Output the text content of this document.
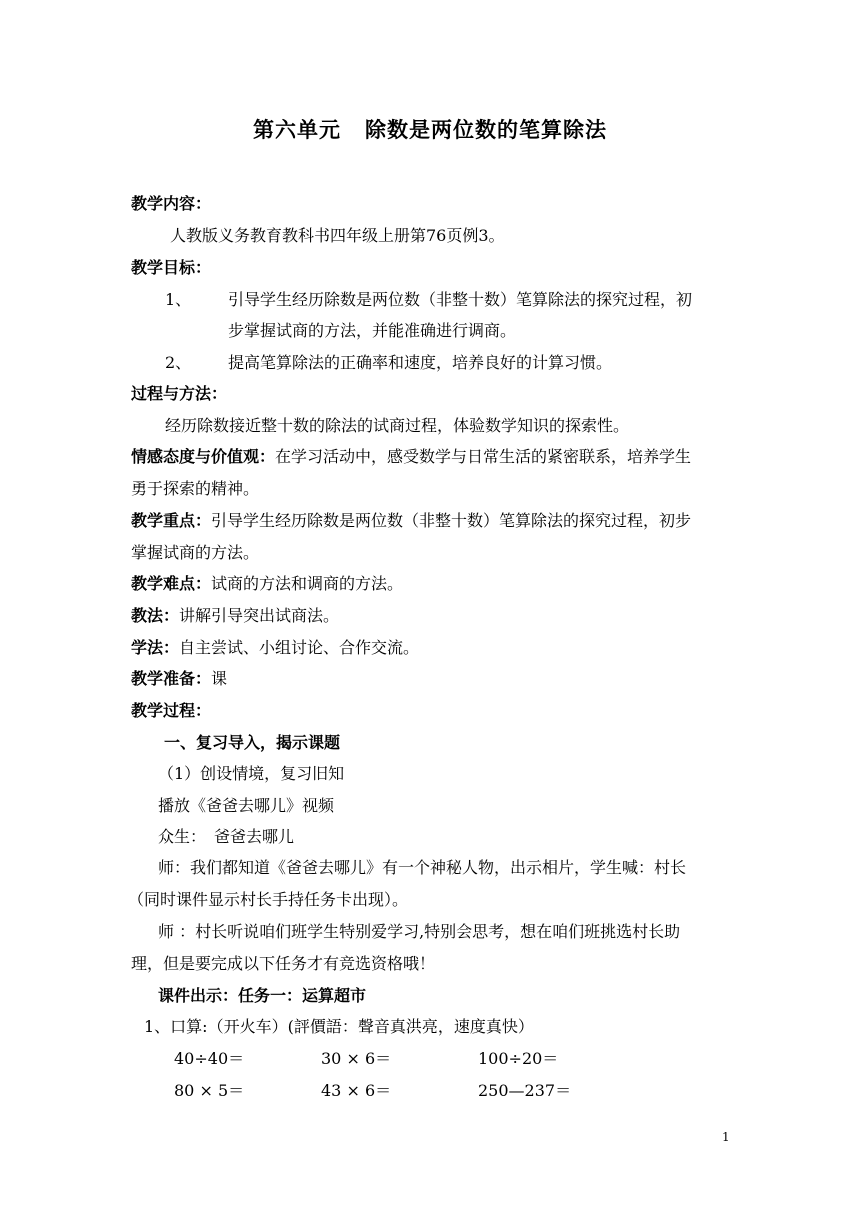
第六单元 除数是两位数的笔算除法
教学内容：
人教版义务教育教科书四年级上册第76页例3。
教学目标：
1、 引导学生经历除数是两位数（非整十数）笔算除法的探究过程，初
步掌握试商的方法，并能准确进行调商。
2、 提高笔算除法的正确率和速度，培养良好的计算习惯。
过程与方法：
经历除数接近整十数的除法的试商过程，体验数学知识的探索性。
情感态度与价值观：在学习活动中，感受数学与日常生活的紧密联系，培养学生
勇于探索的精神。
教学重点：引导学生经历除数是两位数（非整十数）笔算除法的探究过程，初步
掌握试商的方法。
教学难点：试商的方法和调商的方法。
教法：讲解引导突出试商法。
学法：自主尝试、小组讨论、合作交流。
教学准备：课
教学过程：
一、复习导入，揭示课题
（1）创设情境，复习旧知
播放《爸爸去哪儿》视频
众生：　爸爸去哪儿
师：我们都知道《爸爸去哪儿》有一个神秘人物，出示相片，学生喊：村长
（同时课件显示村长手持任务卡出现）。
师 ：村长听说咱们班学生特别爱学习,特别会思考，想在咱们班挑选村长助
理，但是要完成以下任务才有竞选资格哦！
课件出示：任务一：运算超市
1、口算:（开火车）(評價語：聲音真洪亮，速度真快）
40÷40＝	30 × 6＝	100÷20＝
80 × 5＝	43 × 6＝	250—237＝
1
